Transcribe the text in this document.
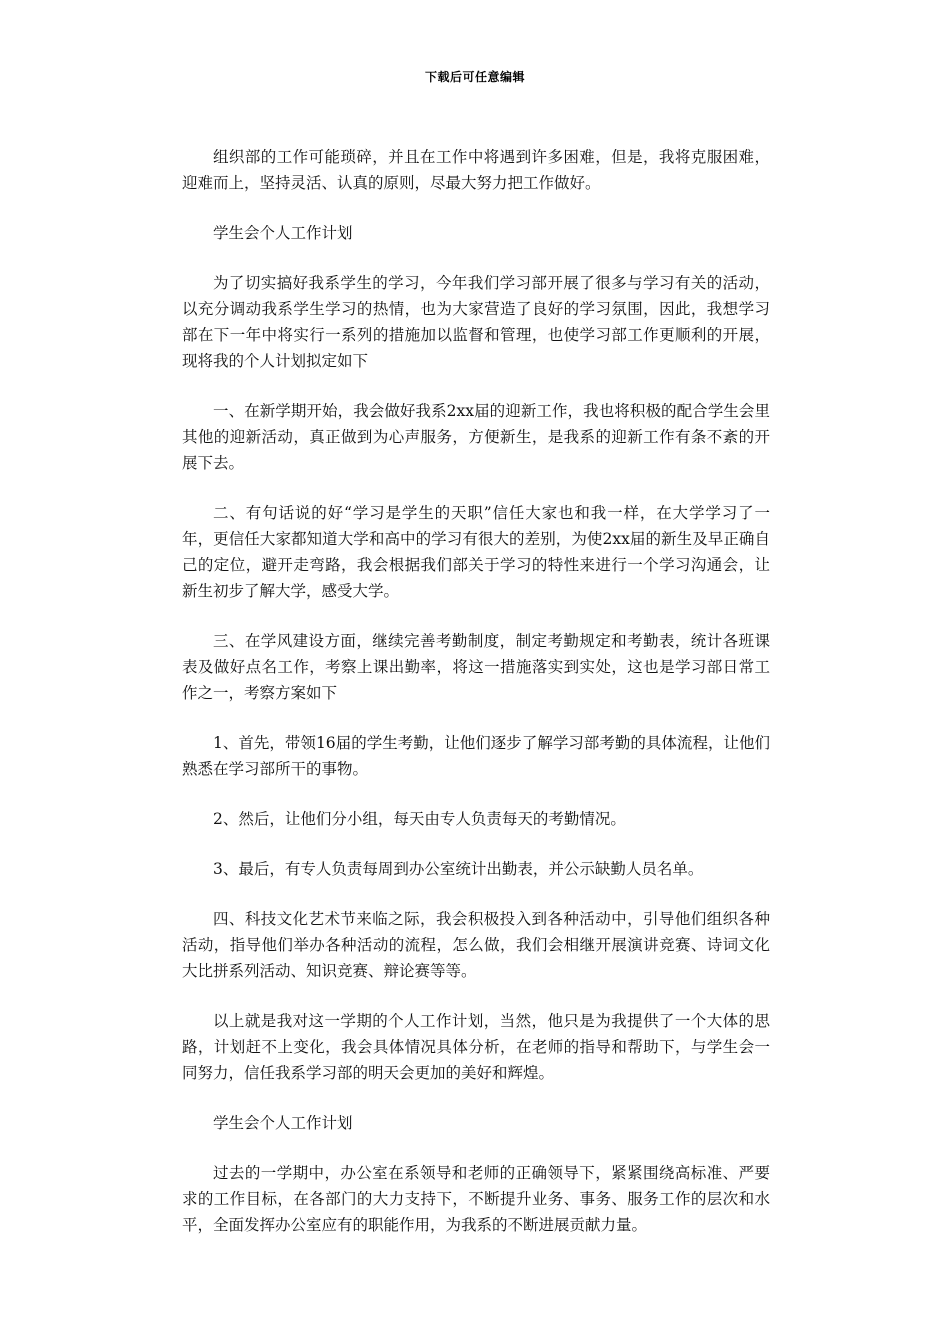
下载后可任意编辑

组织部的工作可能琐碎，并且在工作中将遇到许多困难，但是，我将克服困难，迎难而上，坚持灵活、认真的原则，尽最大努力把工作做好。

学生会个人工作计划

为了切实搞好我系学生的学习，今年我们学习部开展了很多与学习有关的活动，以充分调动我系学生学习的热情，也为大家营造了良好的学习氛围，因此，我想学习部在下一年中将实行一系列的措施加以监督和管理，也使学习部工作更顺利的开展，现将我的个人计划拟定如下

一、在新学期开始，我会做好我系2xx届的迎新工作，我也将积极的配合学生会里其他的迎新活动，真正做到为心声服务，方便新生，是我系的迎新工作有条不紊的开展下去。

二、有句话说的好“学习是学生的天职”信任大家也和我一样，在大学学习了一年，更信任大家都知道大学和高中的学习有很大的差别，为使2xx届的新生及早正确自己的定位，避开走弯路，我会根据我们部关于学习的特性来进行一个学习沟通会，让新生初步了解大学，感受大学。

三、在学风建设方面，继续完善考勤制度，制定考勤规定和考勤表，统计各班课表及做好点名工作，考察上课出勤率，将这一措施落实到实处，这也是学习部日常工作之一，考察方案如下

1、首先，带领16届的学生考勤，让他们逐步了解学习部考勤的具体流程，让他们熟悉在学习部所干的事物。

2、然后，让他们分小组，每天由专人负责每天的考勤情况。

3、最后，有专人负责每周到办公室统计出勤表，并公示缺勤人员名单。

四、科技文化艺术节来临之际，我会积极投入到各种活动中，引导他们组织各种活动，指导他们举办各种活动的流程，怎么做，我们会相继开展演讲竞赛、诗词文化大比拼系列活动、知识竞赛、辩论赛等等。

以上就是我对这一学期的个人工作计划，当然，他只是为我提供了一个大体的思路，计划赶不上变化，我会具体情况具体分析，在老师的指导和帮助下，与学生会一同努力，信任我系学习部的明天会更加的美好和辉煌。

学生会个人工作计划

过去的一学期中，办公室在系领导和老师的正确领导下，紧紧围绕高标准、严要求的工作目标，在各部门的大力支持下，不断提升业务、事务、服务工作的层次和水平，全面发挥办公室应有的职能作用，为我系的不断进展贡献力量。
